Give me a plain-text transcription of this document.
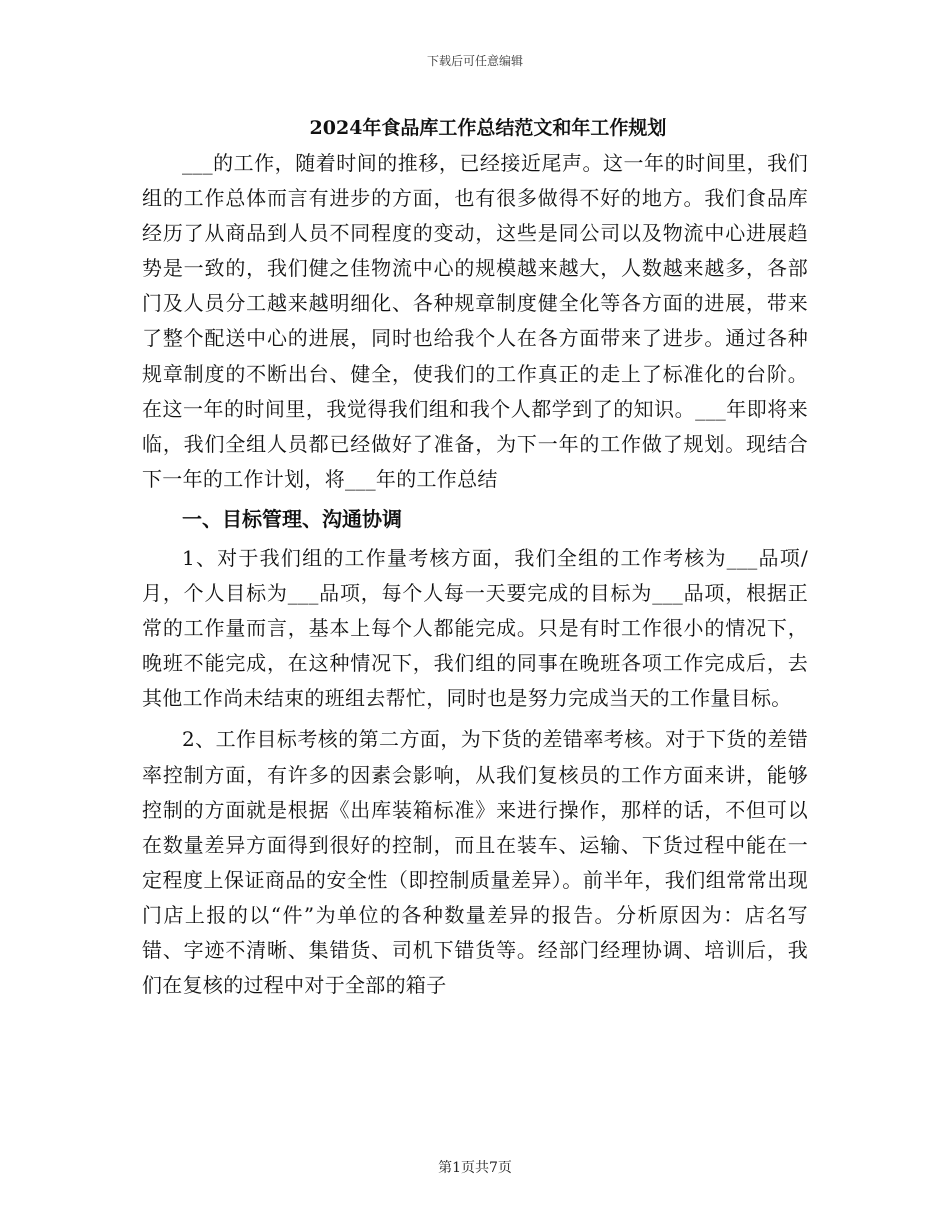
下载后可任意编辑
2024年食品库工作总结范文和年工作规划

___的工作，随着时间的推移，已经接近尾声。这一年的时间里，我们组的工作总体而言有进步的方面，也有很多做得不好的地方。我们食品库经历了从商品到人员不同程度的变动，这些是同公司以及物流中心进展趋势是一致的，我们健之佳物流中心的规模越来越大，人数越来越多，各部门及人员分工越来越明细化、各种规章制度健全化等各方面的进展，带来了整个配送中心的进展，同时也给我个人在各方面带来了进步。通过各种规章制度的不断出台、健全，使我们的工作真正的走上了标准化的台阶。在这一年的时间里，我觉得我们组和我个人都学到了的知识。___年即将来临，我们全组人员都已经做好了准备，为下一年的工作做了规划。现结合下一年的工作计划，将___年的工作总结

一、目标管理、沟通协调

1、对于我们组的工作量考核方面，我们全组的工作考核为___品项/月，个人目标为___品项，每个人每一天要完成的目标为___品项，根据正常的工作量而言，基本上每个人都能完成。只是有时工作很小的情况下，晚班不能完成，在这种情况下，我们组的同事在晚班各项工作完成后，去其他工作尚未结束的班组去帮忙，同时也是努力完成当天的工作量目标。

2、工作目标考核的第二方面，为下货的差错率考核。对于下货的差错率控制方面，有许多的因素会影响，从我们复核员的工作方面来讲，能够控制的方面就是根据《出库装箱标准》来进行操作，那样的话，不但可以在数量差异方面得到很好的控制，而且在装车、运输、下货过程中能在一定程度上保证商品的安全性（即控制质量差异）。前半年，我们组常常出现门店上报的以“件”为单位的各种数量差异的报告。分析原因为：店名写错、字迹不清晰、集错货、司机下错货等。经部门经理协调、培训后，我们在复核的过程中对于全部的箱子

第1页共7页
